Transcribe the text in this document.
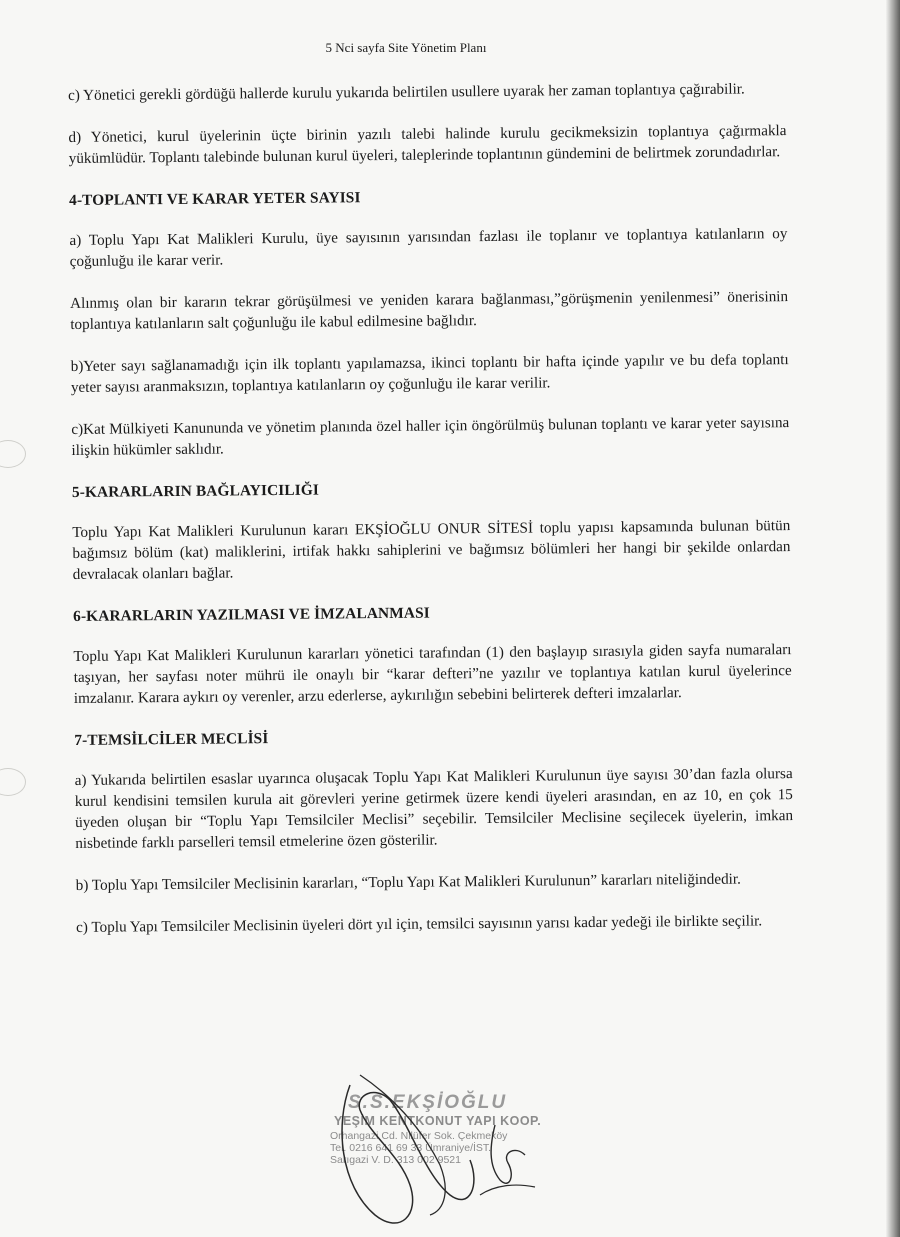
5 Nci sayfa Site Yönetim Planı

c) Yönetici gerekli gördüğü hallerde kurulu yukarıda belirtilen usullere uyarak her zaman toplantıya çağırabilir.

d) Yönetici, kurul üyelerinin üçte birinin yazılı talebi halinde kurulu gecikmeksizin toplantıya çağırmakla yükümlüdür. Toplantı talebinde bulunan kurul üyeleri, taleplerinde toplantının gündemini de belirtmek zorundadırlar.

4-TOPLANTI VE KARAR YETER SAYISI

a) Toplu Yapı Kat Malikleri Kurulu, üye sayısının yarısından fazlası ile toplanır ve toplantıya katılanların oy çoğunluğu ile karar verir.

Alınmış olan bir kararın tekrar görüşülmesi ve yeniden karara bağlanması,”görüşmenin yenilenmesi” önerisinin toplantıya katılanların salt çoğunluğu ile kabul edilmesine bağlıdır.

b)Yeter sayı sağlanamadığı için ilk toplantı yapılamazsa, ikinci toplantı bir hafta içinde yapılır ve bu defa toplantı yeter sayısı aranmaksızın, toplantıya katılanların oy çoğunluğu ile karar verilir.

c)Kat Mülkiyeti Kanununda ve yönetim planında özel haller için öngörülmüş bulunan toplantı ve karar yeter sayısına ilişkin hükümler saklıdır.

5-KARARLARIN BAĞLAYICILIĞI

Toplu Yapı Kat Malikleri Kurulunun kararı EKŞİOĞLU ONUR SİTESİ toplu yapısı kapsamında bulunan bütün bağımsız bölüm (kat) maliklerini, irtifak hakkı sahiplerini ve bağımsız bölümleri her hangi bir şekilde onlardan devralacak olanları bağlar.

6-KARARLARIN YAZILMASI VE İMZALANMASI

Toplu Yapı Kat Malikleri Kurulunun kararları yönetici tarafından (1) den başlayıp sırasıyla giden sayfa numaraları taşıyan, her sayfası noter mührü ile onaylı bir “karar defteri”ne yazılır ve toplantıya katılan kurul üyelerince imzalanır. Karara aykırı oy verenler, arzu ederlerse, aykırılığın sebebini belirterek defteri imzalarlar.

7-TEMSİLCİLER MECLİSİ

a) Yukarıda belirtilen esaslar uyarınca oluşacak Toplu Yapı Kat Malikleri Kurulunun üye sayısı 30’dan fazla olursa kurul kendisini temsilen kurula ait görevleri yerine getirmek üzere kendi üyeleri arasından, en az 10, en çok 15 üyeden oluşan bir “Toplu Yapı Temsilciler Meclisi” seçebilir. Temsilciler Meclisine seçilecek üyelerin, imkan nisbetinde farklı parselleri temsil etmelerine özen gösterilir.

b) Toplu Yapı Temsilciler Meclisinin kararları, “Toplu Yapı Kat Malikleri Kurulunun” kararları niteliğindedir.

c) Toplu Yapı Temsilciler Meclisinin üyeleri dört yıl için, temsilci sayısının yarısı kadar yedeği ile birlikte seçilir.

S.S.EKŞİOĞLU
YEŞİM KENTKONUT YAPI KOOP.
Orhangazi Cd. Nilüfer Sok. Çekmeköy
Tel. 0216 641 69 33 Ümraniye/İST.
Sarıgazi V. D. 313 002 9521
